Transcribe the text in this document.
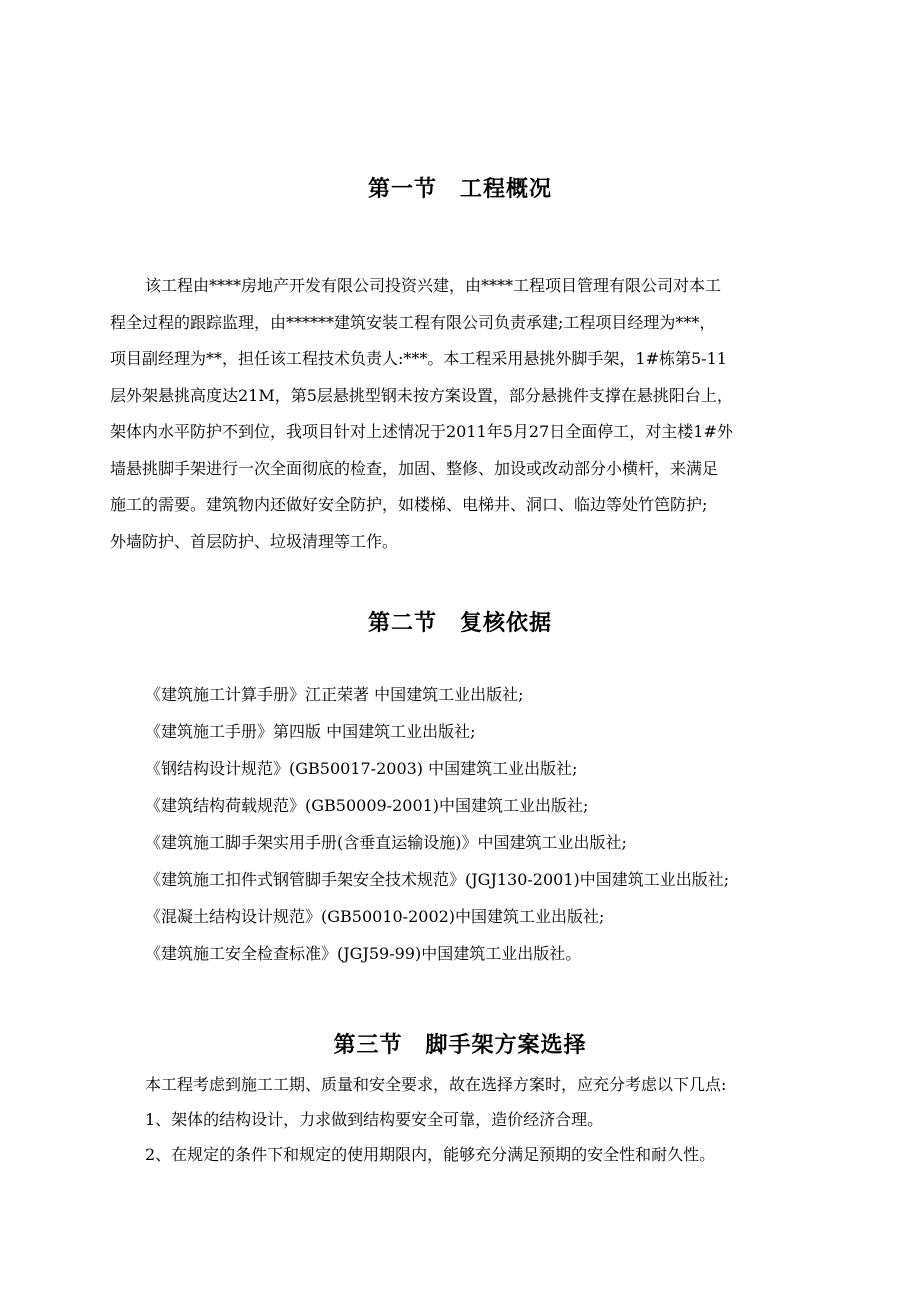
第一节　工程概况
该工程由****房地产开发有限公司投资兴建，由****工程项目管理有限公司对本工
程全过程的跟踪监理，由******建筑安装工程有限公司负责承建;工程项目经理为***，
项目副经理为**，担任该工程技术负责人:***。本工程采用悬挑外脚手架，1#栋第5-11
层外架悬挑高度达21M，第5层悬挑型钢未按方案设置，部分悬挑件支撑在悬挑阳台上，
架体内水平防护不到位，我项目针对上述情况于2011年5月27日全面停工，对主楼1#外
墙悬挑脚手架进行一次全面彻底的检查，加固、整修、加设或改动部分小横杆，来满足
施工的需要。建筑物内还做好安全防护，如楼梯、电梯井、洞口、临边等处竹笆防护;
外墙防护、首层防护、垃圾清理等工作。
第二节　复核依据
《建筑施工计算手册》江正荣著 中国建筑工业出版社;
《建筑施工手册》第四版 中国建筑工业出版社;
《钢结构设计规范》(GB50017-2003) 中国建筑工业出版社;
《建筑结构荷载规范》(GB50009-2001)中国建筑工业出版社;
《建筑施工脚手架实用手册(含垂直运输设施)》中国建筑工业出版社;
《建筑施工扣件式钢管脚手架安全技术规范》(JGJ130-2001)中国建筑工业出版社;
《混凝土结构设计规范》(GB50010-2002)中国建筑工业出版社;
《建筑施工安全检查标准》(JGJ59-99)中国建筑工业出版社。
第三节　脚手架方案选择
本工程考虑到施工工期、质量和安全要求，故在选择方案时，应充分考虑以下几点:
1、架体的结构设计，力求做到结构要安全可靠，造价经济合理。
2、在规定的条件下和规定的使用期限内，能够充分满足预期的安全性和耐久性。
